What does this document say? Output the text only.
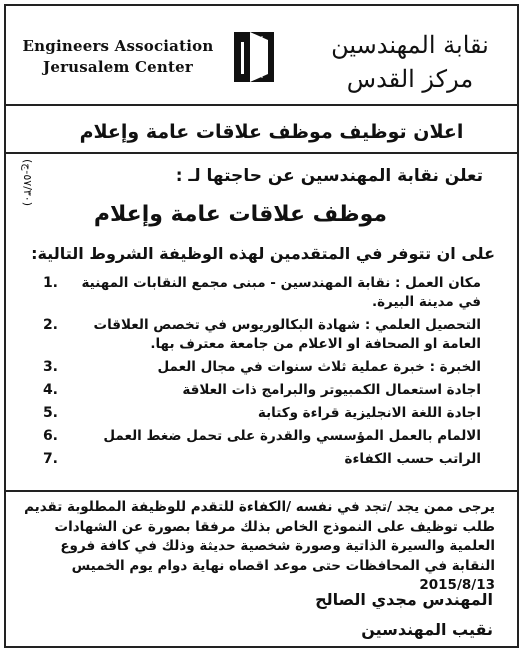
Engineers Association
Jerusalem Center
نقابة المهندسين
مركز القدس
اعلان توظيف موظف علاقات عامة وإعلام
(٥٧/٣٠-ج)
تعلن نقابة المهندسين عن حاجتها لـ :
موظف علاقات عامة وإعلام
على ان تتوفر في المتقدمين لهذه الوظيفة الشروط التالية:
1.	مكان العمل : نقابة المهندسين - مبنى مجمع النقابات المهنية في مدينة البيرة.
2.	التحصيل العلمي : شهادة البكالوريوس في تخصص العلاقات العامة او الصحافة او الاعلام من جامعة معترف بها.
3.	الخبرة : خبرة عملية ثلاث سنوات في مجال العمل
4.	اجادة استعمال الكمبيوتر والبرامج ذات العلاقة
5.	اجادة اللغة الانجليزية قراءة وكتابة
6.	الالمام بالعمل المؤسسي والقدرة على تحمل ضغط العمل
7.	الراتب حسب الكفاءة
يرجى ممن يجد /تجد في نفسه /الكفاءة للتقدم للوظيفة المطلوبة تقديم طلب توظيف على النموذج الخاص بذلك مرفقا بصورة عن الشهادات العلمية والسيرة الذاتية وصورة شخصية حديثة وذلك في كافة فروع النقابة في المحافظات حتى موعد اقصاه نهاية دوام يوم الخميس 2015/8/13
المهندس مجدي الصالح
نقيب المهندسين
